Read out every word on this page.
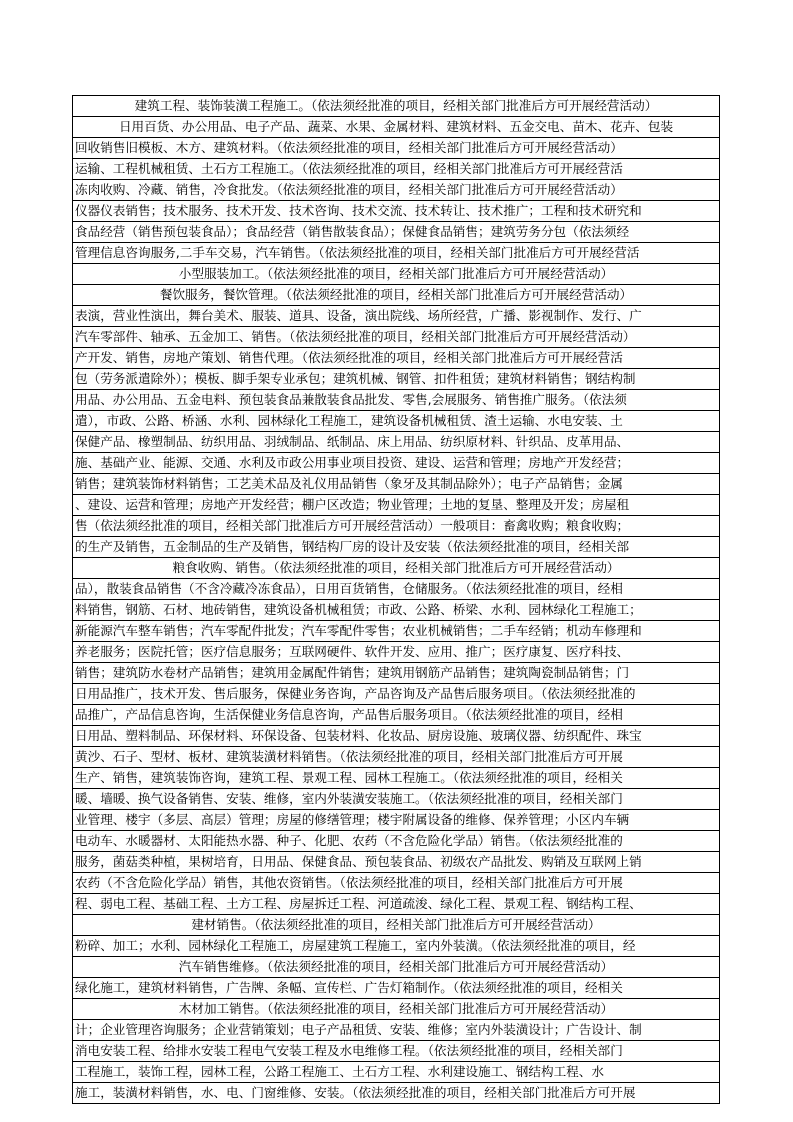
建筑工程、装饰装潢工程施工。（依法须经批准的项目，经相关部门批准后方可开展经营活动）
日用百货、办公用品、电子产品、蔬菜、水果、金属材料、建筑材料、五金交电、苗木、花卉、包装
回收销售旧模板、木方、建筑材料。（依法须经批准的项目，经相关部门批准后方可开展经营活动）
运输、工程机械租赁、土石方工程施工。（依法须经批准的项目，经相关部门批准后方可开展经营活
冻肉收购、冷藏、销售，冷食批发。（依法须经批准的项目，经相关部门批准后方可开展经营活动）
仪器仪表销售；技术服务、技术开发、技术咨询、技术交流、技术转让、技术推广；工程和技术研究和
食品经营（销售预包装食品）；食品经营（销售散装食品）；保健食品销售；建筑劳务分包（依法须经
管理信息咨询服务,二手车交易，汽车销售。（依法须经批准的项目，经相关部门批准后方可开展经营活
小型服装加工。（依法须经批准的项目，经相关部门批准后方可开展经营活动）
餐饮服务，餐饮管理。（依法须经批准的项目，经相关部门批准后方可开展经营活动）
表演，营业性演出，舞台美术、服装、道具、设备，演出院线、场所经营，广播、影视制作、发行、广
汽车零部件、轴承、五金加工、销售。（依法须经批准的项目，经相关部门批准后方可开展经营活动）
产开发、销售，房地产策划、销售代理。（依法须经批准的项目，经相关部门批准后方可开展经营活
包（劳务派遣除外）；模板、脚手架专业承包；建筑机械、钢管、扣件租赁；建筑材料销售；钢结构制
用品、办公用品、五金电料、预包装食品兼散装食品批发、零售,会展服务、销售推广服务。（依法须
遣），市政、公路、桥涵、水利、园林绿化工程施工，建筑设备机械租赁、渣土运输、水电安装、土
保健产品、橡塑制品、纺织用品、羽绒制品、纸制品、床上用品、纺织原材料、针织品、皮革用品、
施、基础产业、能源、交通、水利及市政公用事业项目投资、建设、运营和管理；房地产开发经营；
销售；建筑装饰材料销售；工艺美术品及礼仪用品销售（象牙及其制品除外）；电子产品销售；金属
、建设、运营和管理；房地产开发经营；棚户区改造；物业管理；土地的复垦、整理及开发；房屋租
售（依法须经批准的项目，经相关部门批准后方可开展经营活动）一般项目：畜禽收购；粮食收购；
的生产及销售，五金制品的生产及销售，钢结构厂房的设计及安装（依法须经批准的项目，经相关部
粮食收购、销售。（依法须经批准的项目，经相关部门批准后方可开展经营活动）
品），散装食品销售（不含冷藏冷冻食品），日用百货销售，仓储服务。（依法须经批准的项目，经相
料销售，钢筋、石材、地砖销售，建筑设备机械租赁；市政、公路、桥梁、水利、园林绿化工程施工；
新能源汽车整车销售；汽车零配件批发；汽车零配件零售；农业机械销售；二手车经销；机动车修理和
养老服务；医院托管；医疗信息服务；互联网硬件、软件开发、应用、推广；医疗康复、医疗科技、
销售；建筑防水卷材产品销售；建筑用金属配件销售；建筑用钢筋产品销售；建筑陶瓷制品销售；门
日用品推广，技术开发、售后服务，保健业务咨询，产品咨询及产品售后服务项目。（依法须经批准的
品推广，产品信息咨询，生活保健业务信息咨询，产品售后服务项目。（依法须经批准的项目，经相
日用品、塑料制品、环保材料、环保设备、包装材料、化妆品、厨房设施、玻璃仪器、纺织配件、珠宝
黄沙、石子、型材、板材、建筑装潢材料销售。（依法须经批准的项目，经相关部门批准后方可开展
生产、销售，建筑装饰咨询，建筑工程、景观工程、园林工程施工。（依法须经批准的项目，经相关
暖、墙暖、换气设备销售、安装、维修，室内外装潢安装施工。（依法须经批准的项目，经相关部门
业管理、楼宇（多层、高层）管理；房屋的修缮管理；楼宇附属设备的维修、保养管理；小区内车辆
电动车、水暖器材、太阳能热水器、种子、化肥、农药（不含危险化学品）销售。（依法须经批准的
服务，菌菇类种植，果树培育，日用品、保健食品、预包装食品、初级农产品批发、购销及互联网上销
农药（不含危险化学品）销售，其他农资销售。（依法须经批准的项目，经相关部门批准后方可开展
程、弱电工程、基础工程、土方工程、房屋拆迁工程、河道疏浚、绿化工程、景观工程、钢结构工程、
建材销售。（依法须经批准的项目，经相关部门批准后方可开展经营活动）
粉碎、加工；水利、园林绿化工程施工，房屋建筑工程施工，室内外装潢。（依法须经批准的项目，经
汽车销售维修。（依法须经批准的项目，经相关部门批准后方可开展经营活动）
绿化施工，建筑材料销售，广告牌、条幅、宣传栏、广告灯箱制作。（依法须经批准的项目，经相关
木材加工销售。（依法须经批准的项目，经相关部门批准后方可开展经营活动）
计；企业管理咨询服务；企业营销策划；电子产品租赁、安装、维修；室内外装潢设计；广告设计、制
消电安装工程、给排水安装工程电气安装工程及水电维修工程。（依法须经批准的项目，经相关部门
工程施工，装饰工程，园林工程，公路工程施工、土石方工程、水利建设施工、钢结构工程、水
施工，装潢材料销售，水、电、门窗维修、安装。（依法须经批准的项目，经相关部门批准后方可开展
